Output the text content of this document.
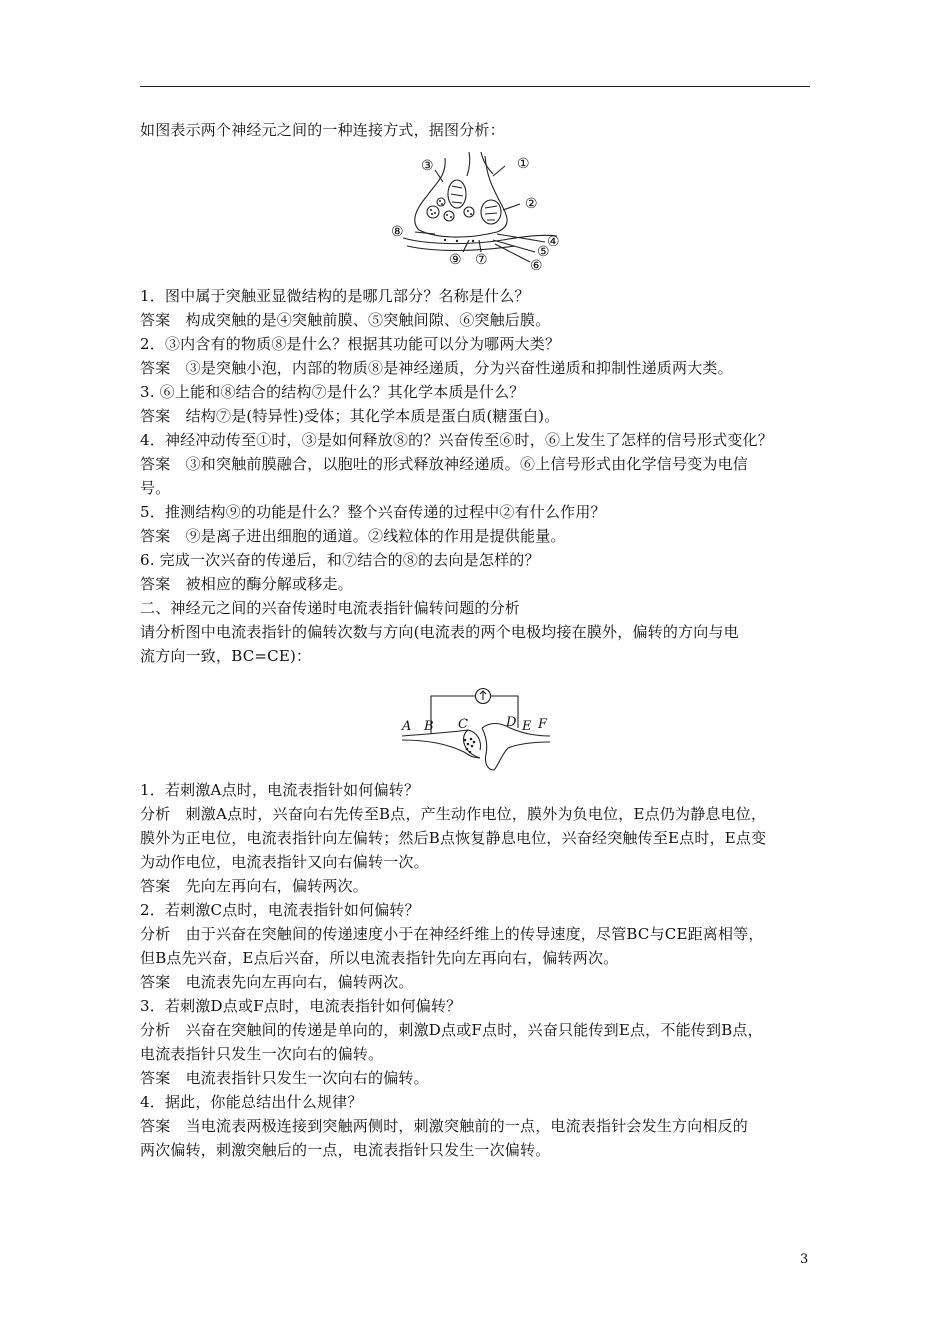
如图表示两个神经元之间的一种连接方式，据图分析：
①
②
③
④
⑤
⑥
⑦
⑧
⑨
1．图中属于突触亚显微结构的是哪几部分？名称是什么？
答案　构成突触的是④突触前膜、⑤突触间隙、⑥突触后膜。
2．③内含有的物质⑧是什么？根据其功能可以分为哪两大类？
答案　③是突触小泡，内部的物质⑧是神经递质，分为兴奋性递质和抑制性递质两大类。
3. ⑥上能和⑧结合的结构⑦是什么？其化学本质是什么？
答案　结构⑦是(特异性)受体；其化学本质是蛋白质(糖蛋白)。
4．神经冲动传至①时，③是如何释放⑧的？兴奋传至⑥时，⑥上发生了怎样的信号形式变化？
答案　③和突触前膜融合，以胞吐的形式释放神经递质。⑥上信号形式由化学信号变为电信
号。
5．推测结构⑨的功能是什么？整个兴奋传递的过程中②有什么作用？
答案　⑨是离子进出细胞的通道。②线粒体的作用是提供能量。
6. 完成一次兴奋的传递后，和⑦结合的⑧的去向是怎样的？
答案　被相应的酶分解或移走。
二、神经元之间的兴奋传递时电流表指针偏转问题的分析
请分析图中电流表指针的偏转次数与方向(电流表的两个电极均接在膜外，偏转的方向与电
流方向一致，BC=CE)：
A B C	D E F
1．若刺激A点时，电流表指针如何偏转？
分析　刺激A点时，兴奋向右先传至B点，产生动作电位，膜外为负电位，E点仍为静息电位，
膜外为正电位，电流表指针向左偏转；然后B点恢复静息电位，兴奋经突触传至E点时，E点变
为动作电位，电流表指针又向右偏转一次。
答案　先向左再向右，偏转两次。
2．若刺激C点时，电流表指针如何偏转？
分析　由于兴奋在突触间的传递速度小于在神经纤维上的传导速度，尽管BC与CE距离相等，
但B点先兴奋，E点后兴奋，所以电流表指针先向左再向右，偏转两次。
答案　电流表先向左再向右，偏转两次。
3．若刺激D点或F点时，电流表指针如何偏转？
分析　兴奋在突触间的传递是单向的，刺激D点或F点时，兴奋只能传到E点，不能传到B点，
电流表指针只发生一次向右的偏转。
答案　电流表指针只发生一次向右的偏转。
4．据此，你能总结出什么规律？
答案　当电流表两极连接到突触两侧时，刺激突触前的一点，电流表指针会发生方向相反的
两次偏转，刺激突触后的一点，电流表指针只发生一次偏转。
3
